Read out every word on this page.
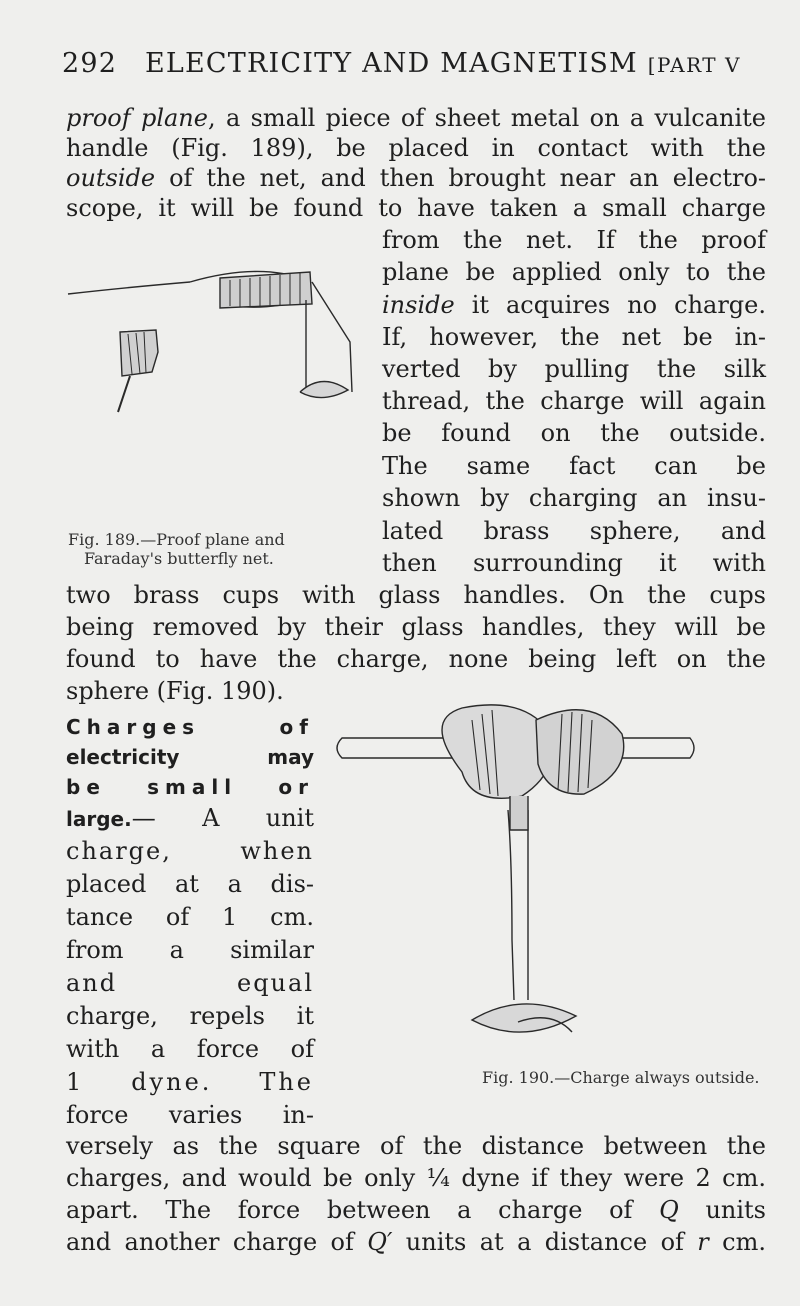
292 ELECTRICITY AND MAGNETISM [PART V
proof plane, a small piece of sheet metal on a vulcanite
handle (Fig. 189), be placed in contact with the
outside of the net, and then brought near an electro-
scope, it will be found to have taken a small charge
from the net. If the proof
plane be applied only to the
inside it acquires no charge.
If, however, the net be in-
verted by pulling the silk
thread, the charge will again
be found on the outside.
The same fact can be
shown by charging an insu-
lated brass sphere, and
then surrounding it with
Fig. 189.—Proof plane and
Faraday's butterfly net.
two brass cups with glass handles. On the cups
being removed by their glass handles, they will be
found to have the charge, none being left on the
sphere (Fig. 190).
Charges of
electricity may
be small or
large.— A unit
charge, when
placed at a dis-
tance of 1 cm.
from a similar
and equal
charge, repels it
with a force of
1 dyne. The
force varies in-
Fig. 190.—Charge always outside.
versely as the square of the distance between the
charges, and would be only ¼ dyne if they were 2 cm.
apart. The force between a charge of Q units
and another charge of Q′ units at a distance of r cm.
